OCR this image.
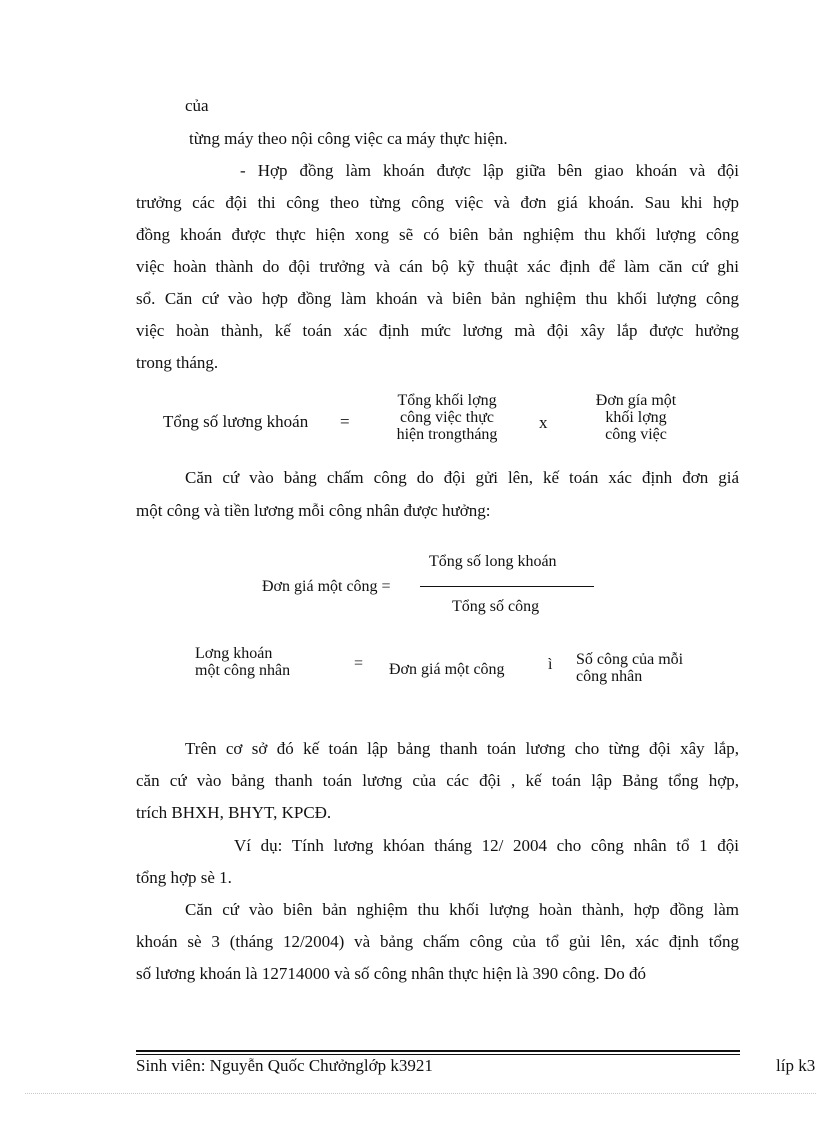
của
từng máy theo nội công việc ca máy thực hiện.
- Hợp đồng làm khoán được lập giữa bên giao khoán và đội
trưởng các đội thi công theo từng công việc và đơn giá khoán. Sau khi hợp
đồng khoán được thực hiện xong sẽ có biên bản nghiệm thu khối lượng công
việc hoàn thành do đội trưởng và cán bộ kỹ thuật xác định để làm căn cứ ghi
sổ. Căn cứ vào hợp đồng làm khoán và biên bản nghiệm thu khối lượng công
việc hoàn thành, kế toán xác định mức lương mà đội xây lắp được hưởng
trong tháng.
Tổng số lương khoán =
Tổng khối lợng
công việc thực
hiện trongtháng
x
Đơn gía một
khối lợng
công việc
Căn cứ vào bảng chấm công do đội gửi lên, kế toán xác định đơn giá
một công và tiền lương mỗi công nhân được hưởng:
Tổng số long khoán
Đơn giá một công =
Tổng số công
Lơng khoán
một công nhân	= Đơn giá một công	ì Số công của mỗi
công nhân
Trên cơ sở đó kế toán lập bảng thanh toán lương cho từng đội xây lắp,
căn cứ vào bảng thanh toán lương của các đội , kế toán lập Bảng tổng hợp,
trích BHXH, BHYT, KPCĐ.
Ví dụ: Tính lương khóan tháng 12/ 2004 cho công nhân tổ 1 đội
tổng hợp sè 1.
Căn cứ vào biên bản nghiệm thu khối lượng hoàn thành, hợp đồng làm
khoán sè 3 (tháng 12/2004) và bảng chấm công của tổ gủi lên, xác định tổng
số lương khoán là 12714000 và số công nhân thực hiện là 390 công. Do đó
Sinh viên: Nguyễn Quốc Chưởnglớp k3921	líp k3
